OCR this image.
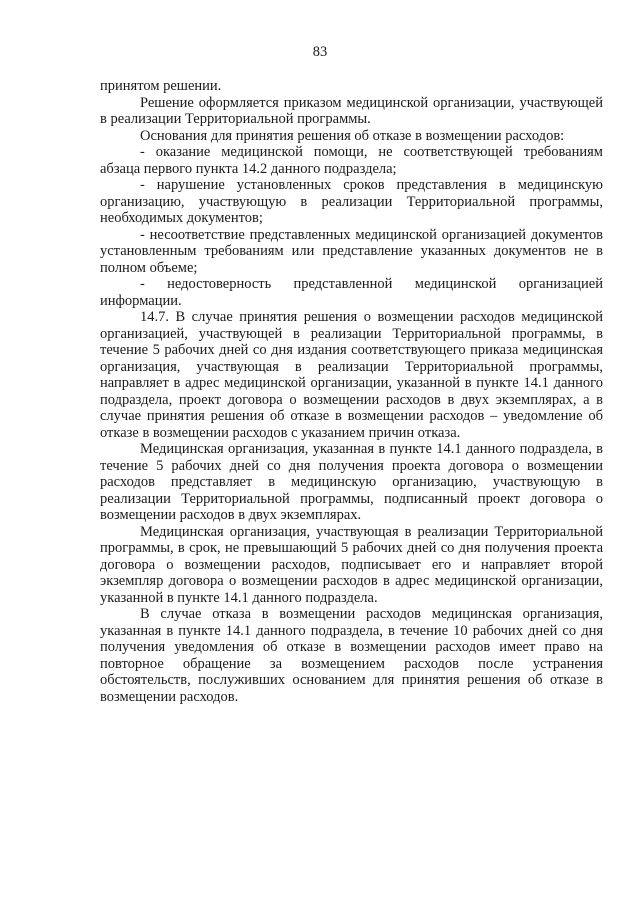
83

принятом решении.

Решение оформляется приказом медицинской организации, участвующей в реализации Территориальной программы.

Основания для принятия решения об отказе в возмещении расходов:

- оказание медицинской помощи, не соответствующей требованиям абзаца первого пункта 14.2 данного подраздела;

- нарушение установленных сроков представления в медицинскую организацию, участвующую в реализации Территориальной программы, необходимых документов;

- несоответствие представленных медицинской организацией документов установленным требованиям или представление указанных документов не в полном объеме;

- недостоверность представленной медицинской организацией информации.

14.7. В случае принятия решения о возмещении расходов медицинской организацией, участвующей в реализации Территориальной программы, в течение 5 рабочих дней со дня издания соответствующего приказа медицинская организация, участвующая в реализации Территориальной программы, направляет в адрес медицинской организации, указанной в пункте 14.1 данного подраздела, проект договора о возмещении расходов в двух экземплярах, а в случае принятия решения об отказе в возмещении расходов – уведомление об отказе в возмещении расходов с указанием причин отказа.

Медицинская организация, указанная в пункте 14.1 данного подраздела, в течение 5 рабочих дней со дня получения проекта договора о возмещении расходов представляет в медицинскую организацию, участвующую в реализации Территориальной программы, подписанный проект договора о возмещении расходов в двух экземплярах.

Медицинская организация, участвующая в реализации Территориальной программы, в срок, не превышающий 5 рабочих дней со дня получения проекта договора о возмещении расходов, подписывает его и направляет второй экземпляр договора о возмещении расходов в адрес медицинской организации, указанной в пункте 14.1 данного подраздела.

В случае отказа в возмещении расходов медицинская организация, указанная в пункте 14.1 данного подраздела, в течение 10 рабочих дней со дня получения уведомления об отказе в возмещении расходов имеет право на повторное обращение за возмещением расходов после устранения обстоятельств, послуживших основанием для принятия решения об отказе в возмещении расходов.
